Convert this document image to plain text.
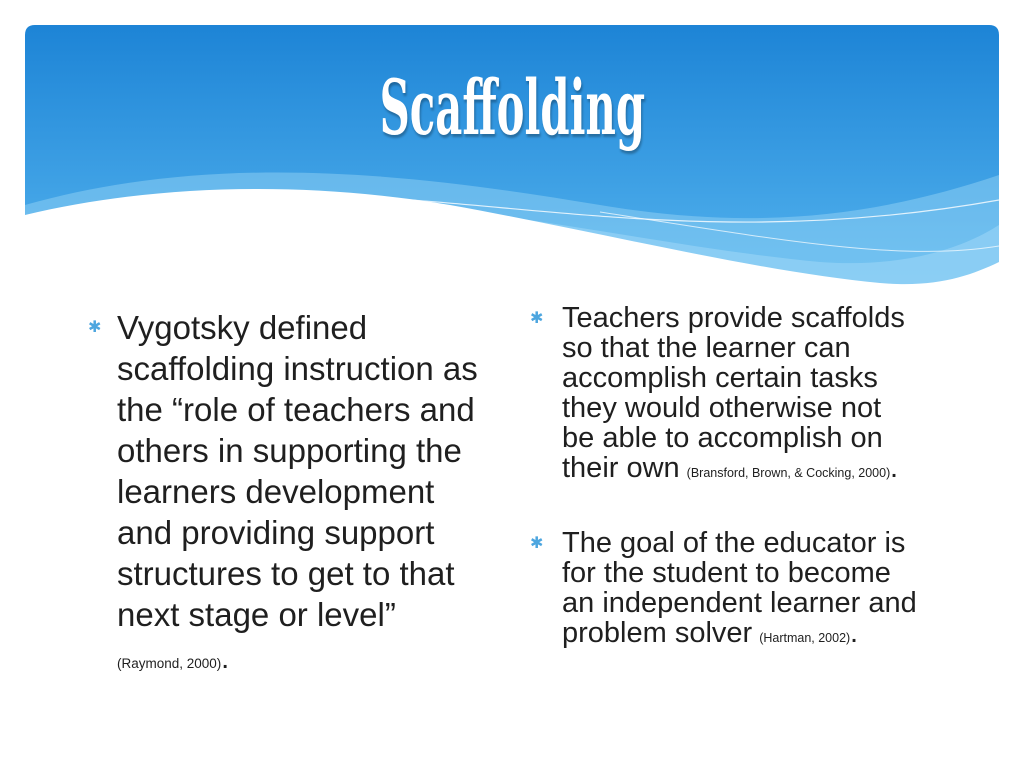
Scaffolding
✱ Vygotsky defined
scaffolding instruction as
the “role of teachers and
others in supporting the
learners development
and providing support
structures to get to that
next stage or level”
(Raymond, 2000).
✱ Teachers provide scaffolds
so that the learner can
accomplish certain tasks
they would otherwise not
be able to accomplish on
their own (Bransford, Brown, & Cocking, 2000).
✱ The goal of the educator is
for the student to become
an independent learner and
problem solver (Hartman, 2002).
